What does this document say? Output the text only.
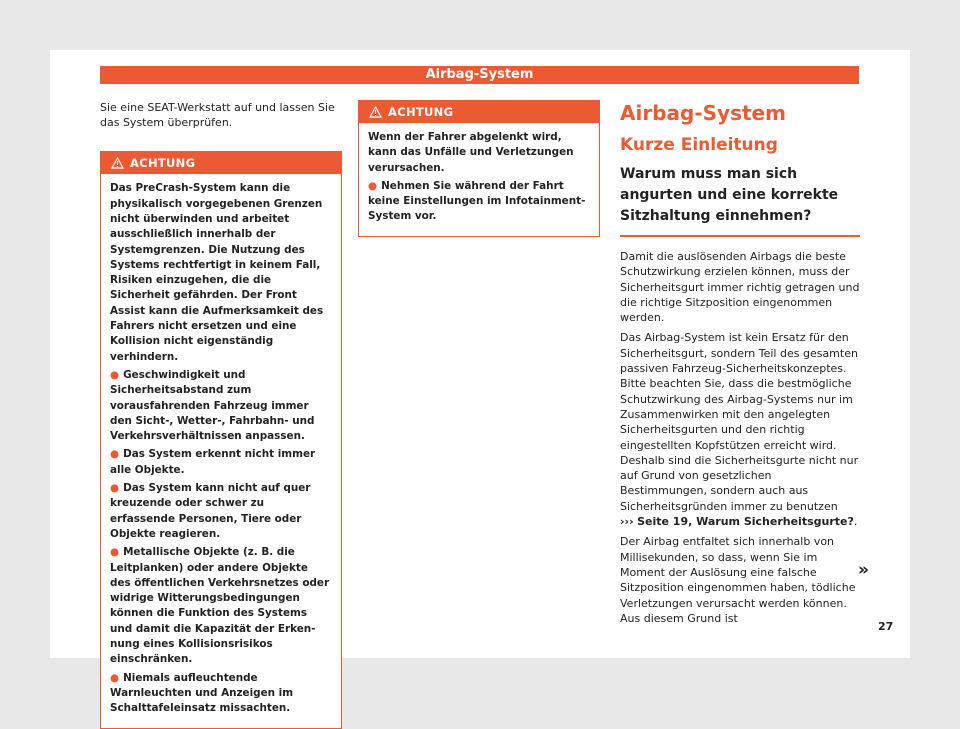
Airbag-System

Sie eine SEAT-Werkstatt auf und lassen Sie das System überprüfen.

ACHTUNG

Das PreCrash-System kann die physikalisch vorgegebenen Grenzen nicht überwinden und arbeitet ausschließlich innerhalb der Systemgrenzen. Die Nutzung des Systems rechtfertigt in keinem Fall, Risiken einzugehen, die die Sicherheit gefährden. Der Front Assist kann die Aufmerksamkeit des Fahrers nicht ersetzen und eine Kollision nicht eigenständig verhindern.

● Geschwindigkeit und Sicherheitsabstand zum vorausfahrenden Fahrzeug immer den Sicht-, Wetter-, Fahrbahn- und Verkehrsverhältnissen anpassen.

● Das System erkennt nicht immer alle Objekte.

● Das System kann nicht auf quer kreuzende oder schwer zu erfassende Personen, Tiere oder Objekte reagieren.

● Metallische Objekte (z. B. die Leitplanken) oder andere Objekte des öffentlichen Verkehrsnetzes oder widrige Witterungsbedingungen können die Funktion des Systems und damit die Kapazität der Erkennung eines Kollisionsrisikos einschränken.

● Niemals aufleuchtende Warnleuchten und Anzeigen im Schalttafeleinsatz missachten.

ACHTUNG

Wenn der Fahrer abgelenkt wird, kann das Unfälle und Verletzungen verursachen.

● Nehmen Sie während der Fahrt keine Einstellungen im Infotainment-System vor.

Airbag-System
Kurze Einleitung
Warum muss man sich angurten und eine korrekte Sitzhaltung einnehmen?

Damit die auslösenden Airbags die beste Schutzwirkung erzielen können, muss der Sicherheitsgurt immer richtig getragen und die richtige Sitzposition eingenommen werden.

Das Airbag-System ist kein Ersatz für den Sicherheitsgurt, sondern Teil des gesamten passiven Fahrzeug-Sicherheitskonzeptes. Bitte beachten Sie, dass die bestmögliche Schutzwirkung des Airbag-Systems nur im Zusammenwirken mit den angelegten Sicherheitsgurten und den richtig eingestellten Kopfstützen erreicht wird. Deshalb sind die Sicherheitsgurte nicht nur auf Grund von gesetzlichen Bestimmungen, sondern auch aus Sicherheitsgründen immer zu benutzen
››› Seite 19, Warum Sicherheitsgurte?.

Der Airbag entfaltet sich innerhalb von Millisekunden, so dass, wenn Sie im Moment der Auslösung eine falsche Sitzposition eingenommen haben, tödliche Verletzungen verursacht werden können. Aus diesem Grund ist

»
27
